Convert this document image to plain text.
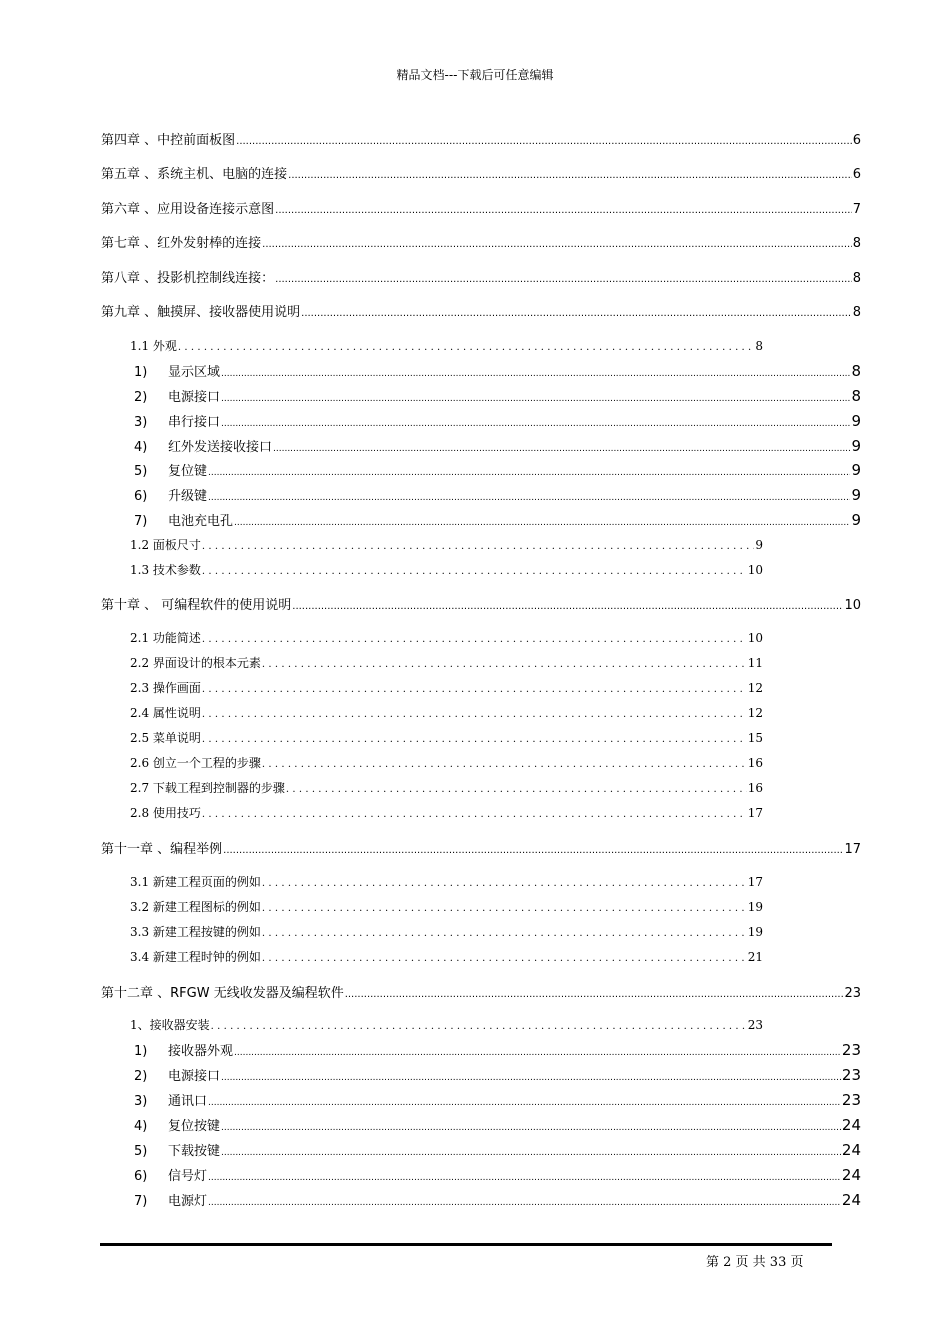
精品文档---下载后可任意编辑
第四章 、中控前面板图 .....	6
第五章 、系统主机、电脑的连接 .....	6
第六章 、应用设备连接示意图 .....	7
第七章 、红外发射棒的连接 .....	8
第八章 、投影机控制线连接： .....	8
第九章 、触摸屏、接收器使用说明 .....	8
1.1 外观 .....	8
1) 显示区域 .....	8
2) 电源接口 .....	8
3) 串行接口 .....	9
4) 红外发送接收接口 .....	9
5) 复位键 .....	9
6) 升级键 .....	9
7) 电池充电孔 .....	9
1.2 面板尺寸 .....	9
1.3 技术参数 .....	10
第十章 、 可编程软件的使用说明 .....	10
2.1 功能简述 .....	10
2.2 界面设计的根本元素 .....	11
2.3 操作画面 .....	12
2.4 属性说明 .....	12
2.5 菜单说明 .....	15
2.6 创立一个工程的步骤 .....	16
2.7 下载工程到控制器的步骤 .....	16
2.8 使用技巧 .....	17
第十一章 、编程举例 .....	17
3.1 新建工程页面的例如 .....	17
3.2 新建工程图标的例如 .....	19
3.3 新建工程按键的例如 .....	19
3.4 新建工程时钟的例如 .....	21
第十二章 、RFGW 无线收发器及编程软件 .....	23
1、接收器安装 .....	23
1) 接收器外观 .....	23
2) 电源接口 .....	23
3) 通讯口 .....	23
4) 复位按键 .....	24
5) 下载按键 .....	24
6) 信号灯 .....	24
7) 电源灯 .....	24
第 2 页 共 33 页
